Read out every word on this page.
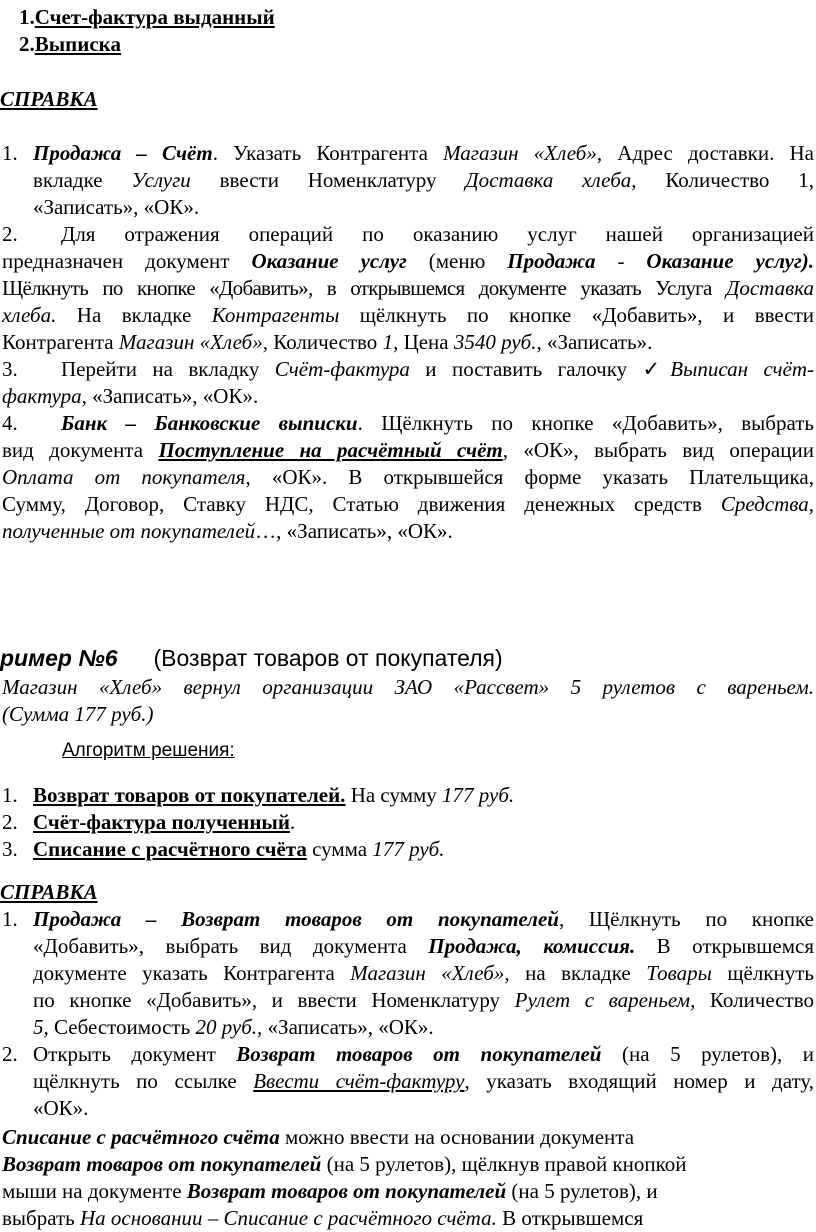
1.Счет-фактура выданный
2.Выписка
СПРАВКА
1. Продажа – Счёт. Указать Контрагента Магазин «Хлеб», Адрес доставки. На
вкладке Услуги ввести Номенклатуру Доставка хлеба, Количество 1,
«Записать», «ОК».
2. Для отражения операций по оказанию услуг нашей организацией
предназначен документ Оказание услуг (меню Продажа - Оказание услуг).
Щёлкнуть по кнопке «Добавить», в открывшемся документе указать Услуга Доставка
хлеба. На вкладке Контрагенты щёлкнуть по кнопке «Добавить», и ввести
Контрагента Магазин «Хлеб», Количество 1, Цена 3540 руб., «Записать».
3. Перейти на вкладку Счёт-фактура и поставить галочку ✓Выписан счёт-
фактура, «Записать», «ОК».
4. Банк – Банковские выписки. Щёлкнуть по кнопке «Добавить», выбрать
вид документа Поступление на расчётный счёт, «ОК», выбрать вид операции
Оплата от покупателя, «ОК». В открывшейся форме указать Плательщика,
Сумму, Договор, Ставку НДС, Статью движения денежных средств Средства,
полученные от покупателей…, «Записать», «ОК».
ример №6 (Возврат товаров от покупателя)
Магазин «Хлеб» вернул организации ЗАО «Рассвет» 5 рулетов с вареньем.
(Сумма 177 руб.)
Алгоритм решения:
1. Возврат товаров от покупателей. На сумму 177 руб.
2. Счёт-фактура полученный.
3. Списание с расчётного счёта сумма 177 руб.
СПРАВКА
1. Продажа – Возврат товаров от покупателей, Щёлкнуть по кнопке
«Добавить», выбрать вид документа Продажа, комиссия. В открывшемся
документе указать Контрагента Магазин «Хлеб», на вкладке Товары щёлкнуть
по кнопке «Добавить», и ввести Номенклатуру Рулет с вареньем, Количество
5, Себестоимость 20 руб., «Записать», «ОК».
2. Открыть документ Возврат товаров от покупателей (на 5 рулетов), и
щёлкнуть по ссылке Ввести счёт-фактуру, указать входящий номер и дату,
«ОК».
Списание с расчётного счёта можно ввести на основании документа
Возврат товаров от покупателей (на 5 рулетов), щёлкнув правой кнопкой
мыши на документе Возврат товаров от покупателей (на 5 рулетов), и
выбрать На основании – Списание с расчётного счёта. В открывшемся
